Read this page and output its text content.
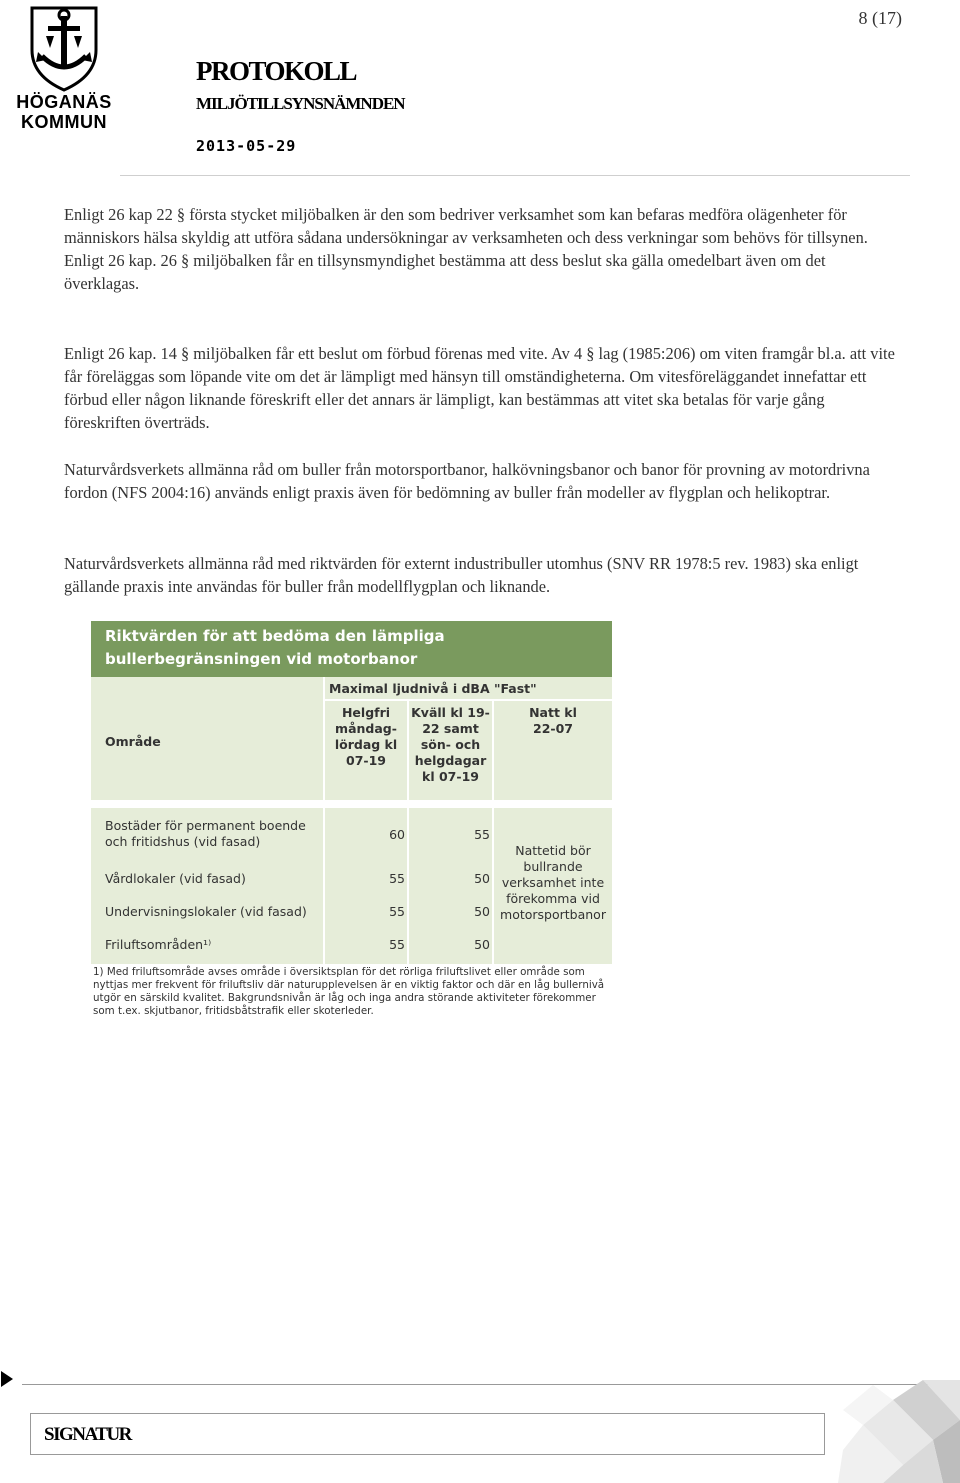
HÖGANÄS
KOMMUN
8 (17)
PROTOKOLL
MILJÖTILLSYNSNÄMNDEN
2013-05-29
Enligt 26 kap 22 § första stycket miljöbalken är den som bedriver verksamhet som kan befaras medföra olägenheter för människors hälsa skyldig att utföra sådana undersökningar av verksamheten och dess verkningar som behövs för tillsynen. Enligt 26 kap. 26 § miljöbalken får en tillsynsmyndighet bestämma att dess beslut ska gälla omedelbart även om det överklagas.
Enligt 26 kap. 14 § miljöbalken får ett beslut om förbud förenas med vite. Av 4 § lag (1985:206) om viten framgår bl.a. att vite får föreläggas som löpande vite om det är lämpligt med hänsyn till omständigheterna. Om vitesföreläggandet innefattar ett förbud eller någon liknande föreskrift eller det annars är lämpligt, kan bestämmas att vitet ska betalas för varje gång föreskriften överträds.
Naturvårdsverkets allmänna råd om buller från motorsportbanor, halkövningsbanor och banor för provning av motordrivna fordon (NFS 2004:16) används enligt praxis även för bedömning av buller från modeller av flygplan och helikoptrar.
Naturvårdsverkets allmänna råd med riktvärden för externt industribuller utomhus (SNV RR 1978:5 rev. 1983) ska enligt gällande praxis inte användas för buller från modellflygplan och liknande.
Riktvärden för att bedöma den lämpliga bullerbegränsningen vid motorbanor
Område
Maximal ljudnivå i dBA "Fast"
Helgfri måndag-lördag kl 07-19
Kväll kl 19-22 samt sön- och helgdagar kl 07-19
Natt kl 22-07
Bostäder för permanent boende och fritidshus (vid fasad)
Vårdlokaler (vid fasad)
Undervisningslokaler (vid fasad)
Friluftsområden¹⁾
60
55
55
55
55
50
50
50
Nattetid bör bullrande verksamhet inte förekomma vid motorsportbanor
1) Med friluftsområde avses område i översiktsplan för det rörliga friluftslivet eller område som nyttjas mer frekvent för friluftsliv där naturupplevelsen är en viktig faktor och där en låg bullernivå utgör en särskild kvalitet. Bakgrundsnivån är låg och inga andra störande aktiviteter förekommer som t.ex. skjutbanor, fritidsbåtstrafik eller skoterleder.
SIGNATUR
